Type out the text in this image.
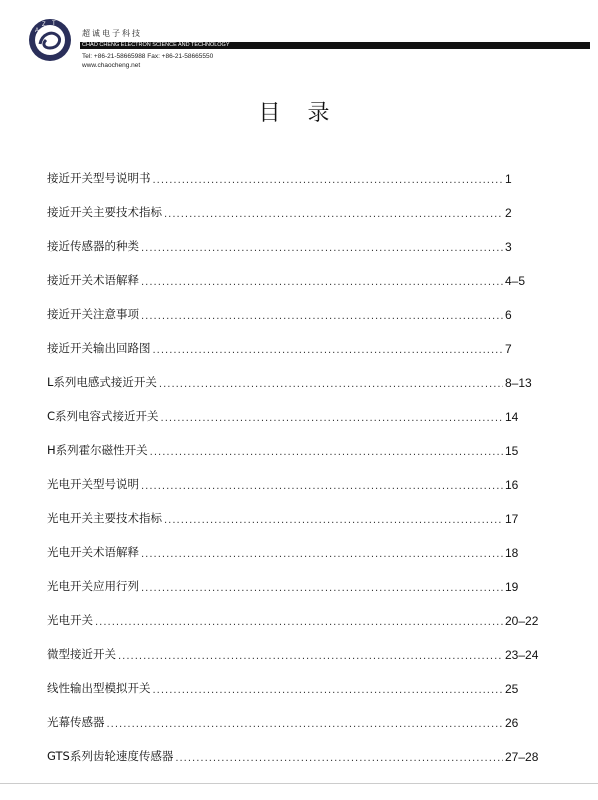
A
Z T
超诚电子科技
CHAO CHENG ELECTRON SCIENCE AND TECHNOLOGY
Tel: +86-21-58665988 Fax: +86-21-58665550
www.chaocheng.net
目 录
接近开关型号说明书 .....	1
接近开关主要技术指标 .....	2
接近传感器的种类 .....	3
接近开关术语解释 .....	4–5
接近开关注意事项 .....	6
接近开关输出回路图 .....	7
L系列电感式接近开关 .....	8–13
C系列电容式接近开关 .....	14
H系列霍尔磁性开关 .....	15
光电开关型号说明 .....	16
光电开关主要技术指标 .....	17
光电开关术语解释 .....	18
光电开关应用行列 .....	19
光电开关 .....	20–22
微型接近开关 .....	23–24
线性输出型模拟开关 .....	25
光幕传感器 .....	26
GTS系列齿轮速度传感器 .....	27–28
